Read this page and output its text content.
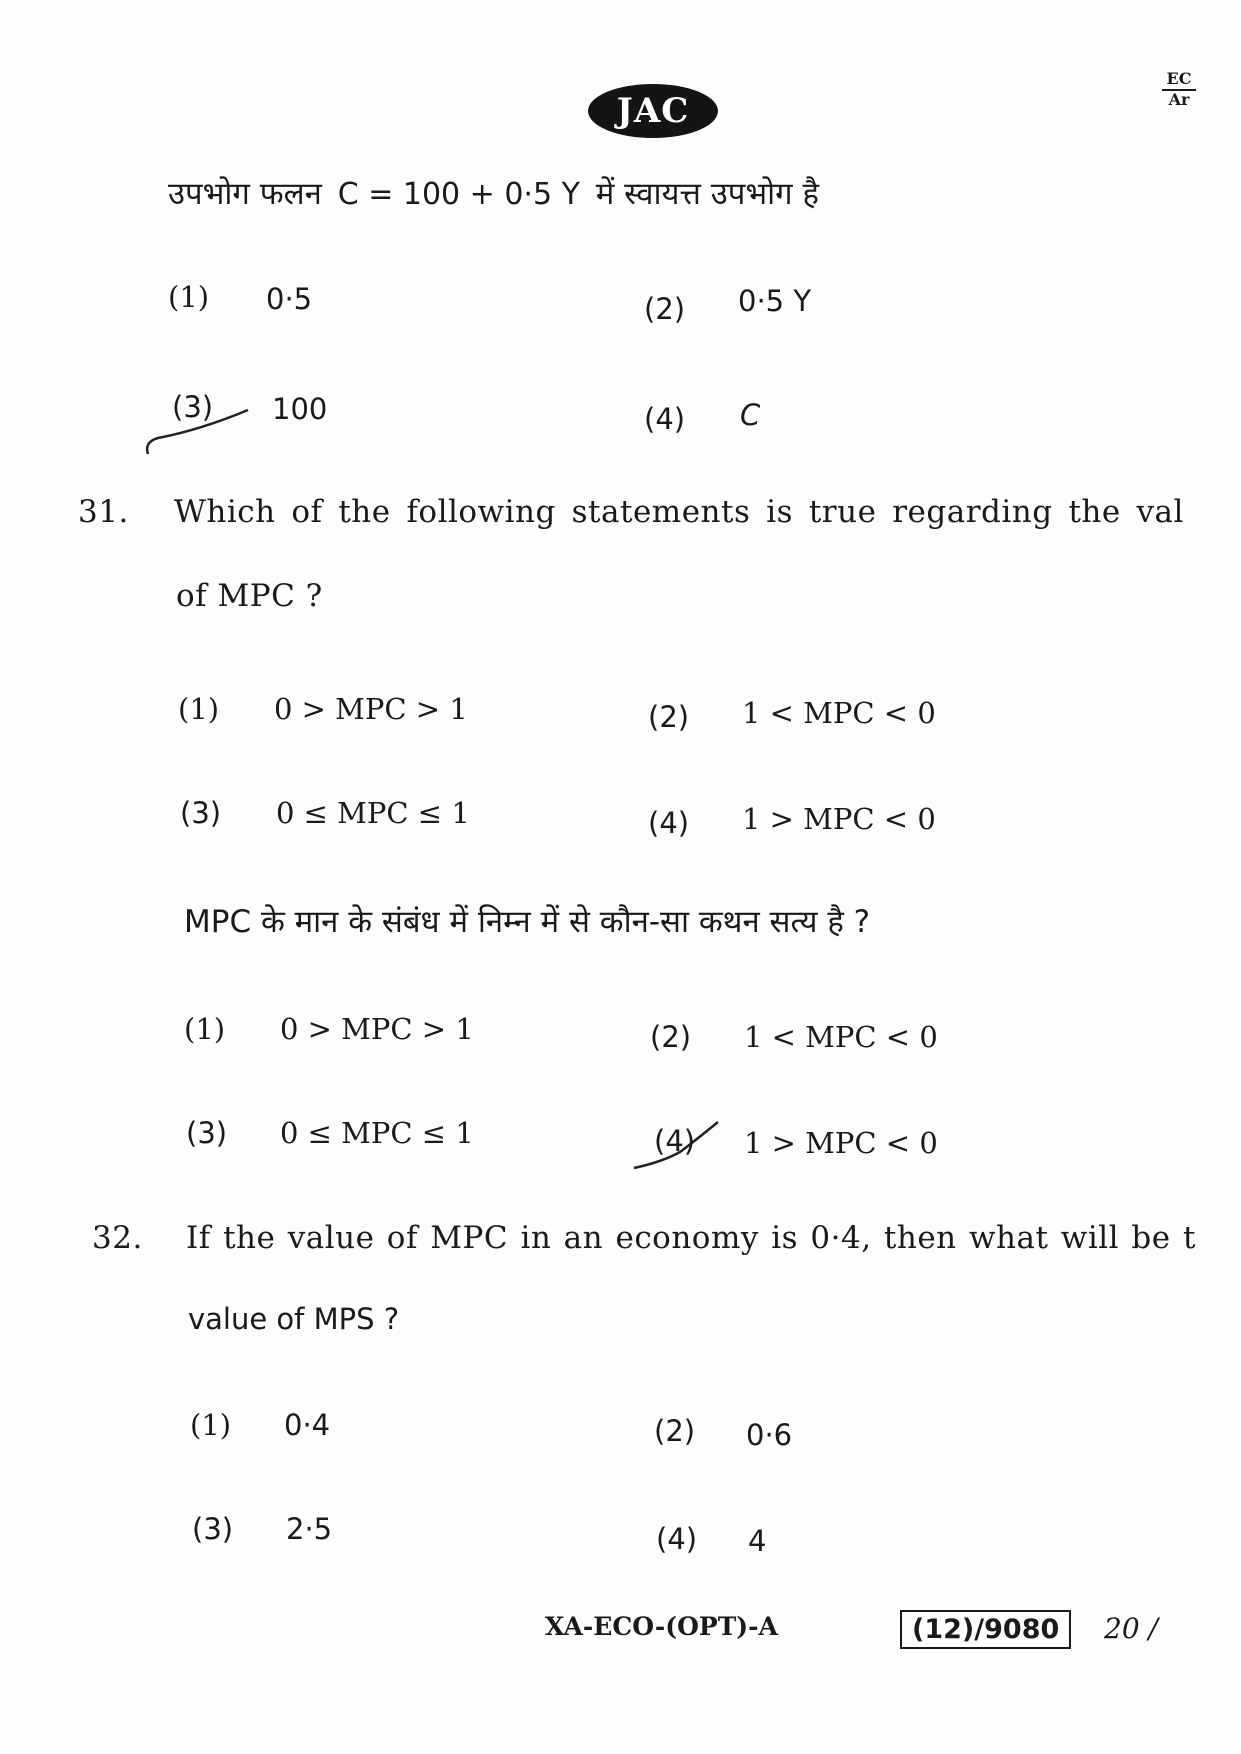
JAC
EC
Ar
उपभोग फलन C = 100 + 0·5 Y में स्वायत्त उपभोग है
(1) 0·5	(2) 0·5 Y
(3) 100	(4) C
31. Which of the following statements is true regarding the val
of MPC ?
(1) 0 > MPC > 1	(2) 1 < MPC < 0
(3) 0 ≤ MPC ≤ 1	(4) 1 > MPC < 0
MPC के मान के संबंध में निम्न में से कौन-सा कथन सत्य है ?
(1) 0 > MPC > 1	(2) 1 < MPC < 0
(3) 0 ≤ MPC ≤ 1	(4) 1 > MPC < 0
32. If the value of MPC in an economy is 0·4, then what will be t
value of MPS ?
(1) 0·4	(2) 0·6
(3) 2·5	(4) 4
XA-ECO-(OPT)-A	(12)/9080	20 /
